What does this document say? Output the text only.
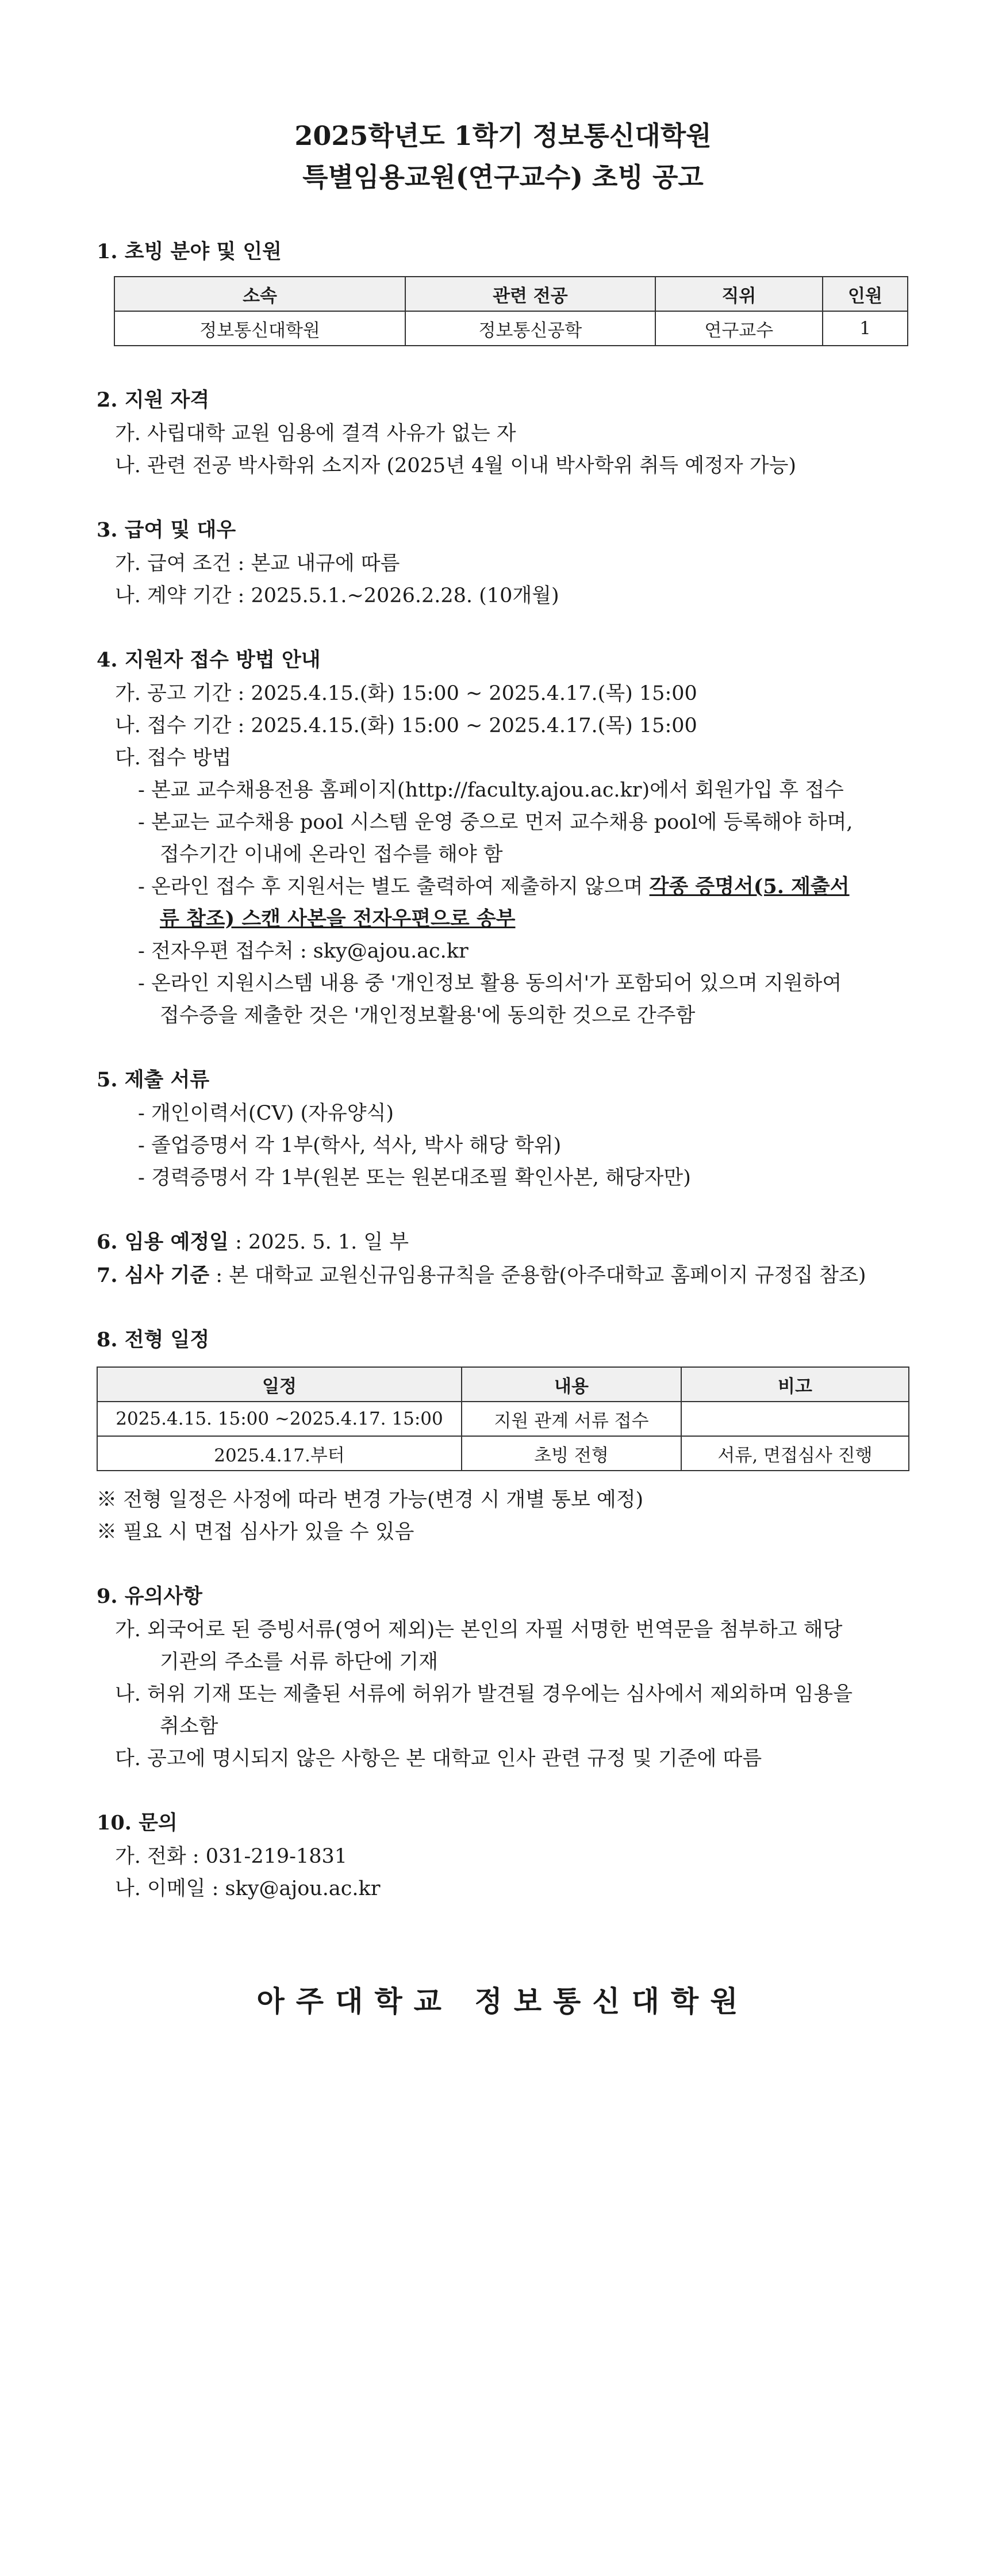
2025학년도 1학기 정보통신대학원
특별임용교원(연구교수) 초빙 공고
1. 초빙 분야 및 인원
소속	관련 전공	직위	인원
정보통신대학원	정보통신공학	연구교수	1
2. 지원 자격
가. 사립대학 교원 임용에 결격 사유가 없는 자
나. 관련 전공 박사학위 소지자 (2025년 4월 이내 박사학위 취득 예정자 가능)
3. 급여 및 대우
가. 급여 조건 : 본교 내규에 따름
나. 계약 기간 : 2025.5.1.~2026.2.28. (10개월)
4. 지원자 접수 방법 안내
가. 공고 기간 : 2025.4.15.(화) 15:00 ~ 2025.4.17.(목) 15:00
나. 접수 기간 : 2025.4.15.(화) 15:00 ~ 2025.4.17.(목) 15:00
다. 접수 방법
- 본교 교수채용전용 홈페이지(http://faculty.ajou.ac.kr)에서 회원가입 후 접수
- 본교는 교수채용 pool 시스템 운영 중으로 먼저 교수채용 pool에 등록해야 하며,
접수기간 이내에 온라인 접수를 해야 함
- 온라인 접수 후 지원서는 별도 출력하여 제출하지 않으며 각종 증명서(5. 제출서
류 참조) 스캔 사본을 전자우편으로 송부
- 전자우편 접수처 : sky@ajou.ac.kr
- 온라인 지원시스템 내용 중 '개인정보 활용 동의서'가 포함되어 있으며 지원하여
접수증을 제출한 것은 '개인정보활용'에 동의한 것으로 간주함
5. 제출 서류
- 개인이력서(CV) (자유양식)
- 졸업증명서 각 1부(학사, 석사, 박사 해당 학위)
- 경력증명서 각 1부(원본 또는 원본대조필 확인사본, 해당자만)
6. 임용 예정일 : 2025. 5. 1. 일 부
7. 심사 기준 : 본 대학교 교원신규임용규칙을 준용함(아주대학교 홈페이지 규정집 참조)
8. 전형 일정
일정	내용	비고
2025.4.15. 15:00 ~2025.4.17. 15:00	지원 관계 서류 접수	
2025.4.17.부터	초빙 전형	서류, 면접심사 진행
※ 전형 일정은 사정에 따라 변경 가능(변경 시 개별 통보 예정)
※ 필요 시 면접 심사가 있을 수 있음
9. 유의사항
가. 외국어로 된 증빙서류(영어 제외)는 본인의 자필 서명한 번역문을 첨부하고 해당
기관의 주소를 서류 하단에 기재
나. 허위 기재 또는 제출된 서류에 허위가 발견될 경우에는 심사에서 제외하며 임용을
취소함
다. 공고에 명시되지 않은 사항은 본 대학교 인사 관련 규정 및 기준에 따름
10. 문의
가. 전화 : 031-219-1831
나. 이메일 : sky@ajou.ac.kr
아주대학교 정보통신대학원
